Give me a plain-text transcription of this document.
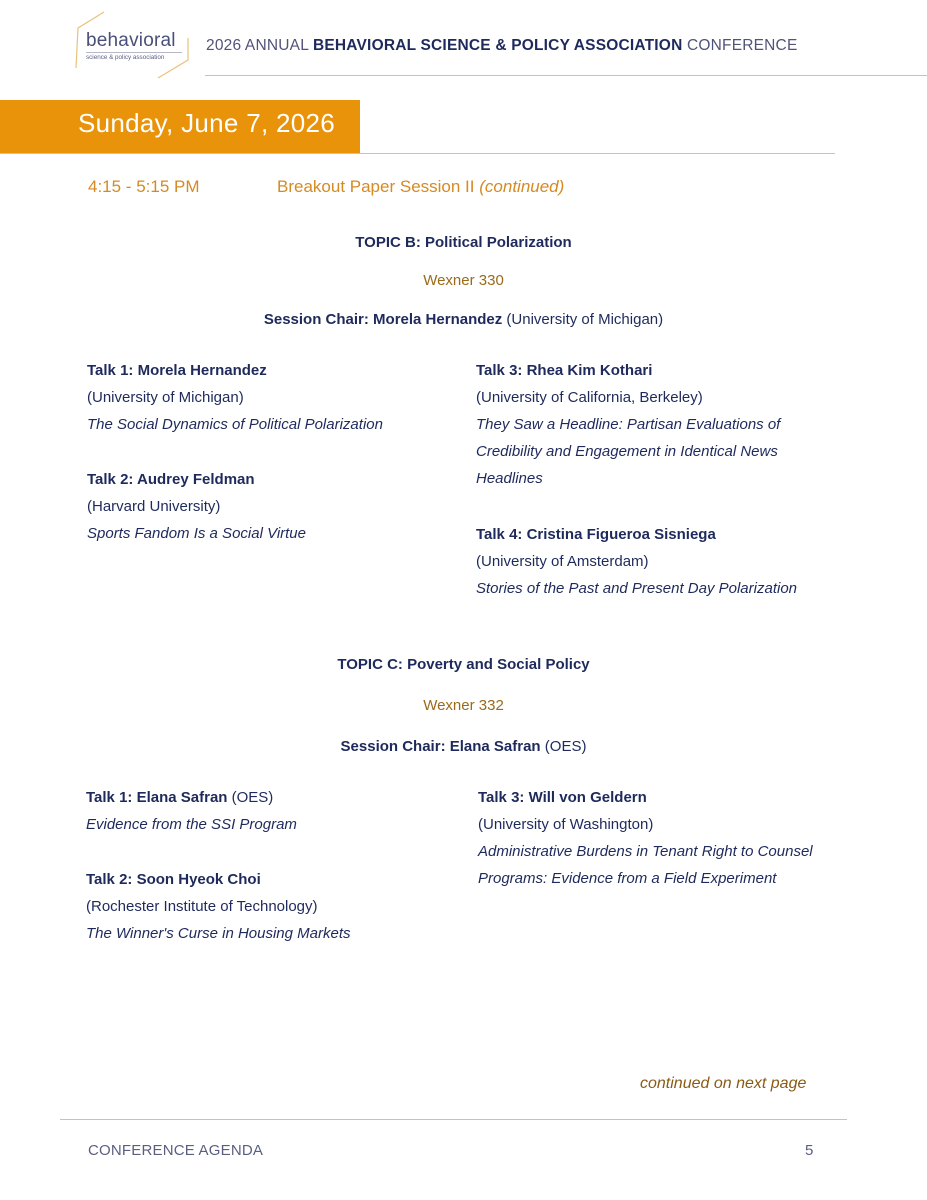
behavioral
science & policy association
2026 ANNUAL BEHAVIORAL SCIENCE & POLICY ASSOCIATION CONFERENCE
Sunday, June 7, 2026
4:15 - 5:15 PM	Breakout Paper Session II (continued)
TOPIC B: Political Polarization
Wexner 330
Session Chair: Morela Hernandez (University of Michigan)
Talk 1: Morela Hernandez
(University of Michigan)
The Social Dynamics of Political Polarization
Talk 2: Audrey Feldman
(Harvard University)
Sports Fandom Is a Social Virtue
Talk 3: Rhea Kim Kothari
(University of California, Berkeley)
They Saw a Headline: Partisan Evaluations of
Credibility and Engagement in Identical News
Headlines
Talk 4: Cristina Figueroa Sisniega
(University of Amsterdam)
Stories of the Past and Present Day Polarization
TOPIC C: Poverty and Social Policy
Wexner 332
Session Chair: Elana Safran (OES)
Talk 1: Elana Safran (OES)
Evidence from the SSI Program
Talk 2: Soon Hyeok Choi
(Rochester Institute of Technology)
The Winner's Curse in Housing Markets
Talk 3: Will von Geldern
(University of Washington)
Administrative Burdens in Tenant Right to Counsel
Programs: Evidence from a Field Experiment
continued on next page
CONFERENCE AGENDA	5
